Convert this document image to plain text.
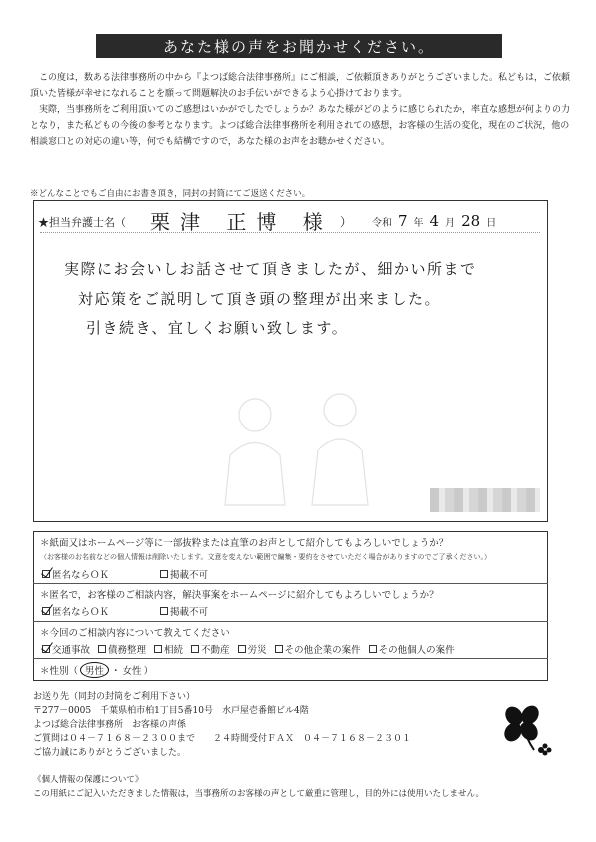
あなた様の声をお聞かせください。

この度は，数ある法律事務所の中から『よつば総合法律事務所』にご相談，ご依頼頂きありがとうございました。私どもは，ご依頼頂いた皆様が幸せになれることを願って問題解決のお手伝いができるよう心掛けております。

実際，当事務所をご利用頂いてのご感想はいかがでしたでしょうか？あなた様がどのように感じられたか，率直な感想が何よりの力となり，また私どもの今後の参考となります。よつば総合法律事務所を利用されての感想，お客様の生活の変化，現在のご状況，他の相談窓口との対応の違い等，何でも結構ですので，あなた様のお声をお聴かせください。

※どんなことでもご自由にお書き頂き，同封の封筒にてご返送ください。
★担当弁護士名（ 栗津 正博 様 ） 令和 7 年 4 月 28 日
実際にお会いしお話させて頂きましたが、細かい所まで
対応策をご説明して頂き頭の整理が出来ました。
引き続き、宜しくお願い致します。
＊紙面又はホームページ等に一部抜粋または直筆のお声として紹介してもよろしいでしょうか？
（お客様のお名前などの個人情報は削除いたします。文意を変えない範囲で編集・要約をさせていただく場合がありますのでご了承ください。）
匿名ならＯＫ	掲載不可
＊匿名で，お客様のご相談内容，解決事案をホームページに紹介してもよろしいでしょうか？
匿名ならＯＫ	掲載不可
＊今回のご相談内容について教えてください
交通事故 債務整理 相続 不動産 労災 その他企業の案件 その他個人の案件
＊性別（ 男性 ・ 女性 ）
お送り先（同封の封筒をご利用下さい）
〒277－0005　千葉県柏市柏1丁目5番10号　水戸屋壱番館ビル4階
よつば総合法律事務所　お客様の声係
ご質問は０４－７１６８－２３００まで　　２４時間受付ＦＡＸ　０４－７１６８－２３０１
ご協力誠にありがとうございました。
《個人情報の保護について》
この用紙にご記入いただきました情報は，当事務所のお客様の声として厳重に管理し，目的外には使用いたしません。
